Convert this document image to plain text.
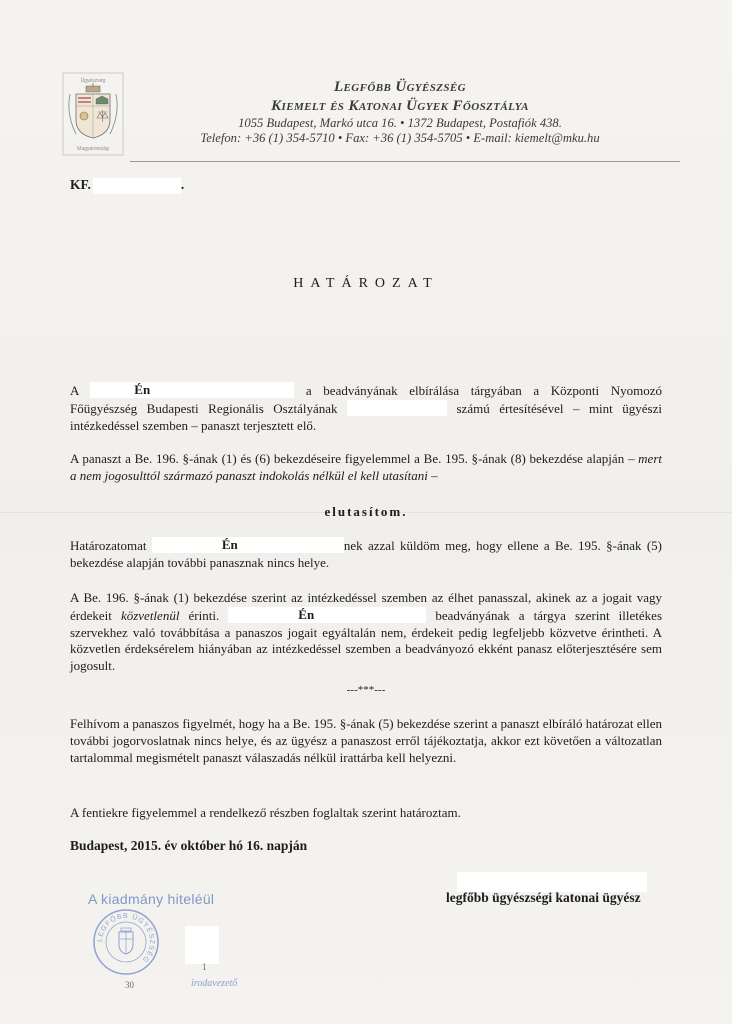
Ügyészség
Magyarország
Legfőbb Ügyészség
Kiemelt és Katonai Ügyek Főosztálya
1055 Budapest, Markó utca 16. • 1372 Budapest, Postafiók 438.
Telefon: +36 (1) 354-5710 • Fax: +36 (1) 354-5705 • E-mail: kiemelt@mku.hu
KF.	.
HATÁROZAT
A	Én	a beadványának elbírálása tárgyában a Központi Nyomozó Főügyészség Budapesti Regionális Osztályának	számú értesítésével – mint ügyészi intézkedéssel szemben – panaszt terjesztett elő.
A panaszt a Be. 196. §-ának (1) és (6) bekezdéseire figyelemmel a Be. 195. §-ának (8) bekezdése alapján – mert a nem jogosulttól származó panaszt indokolás nélkül el kell utasítani –
elutasítom.
Határozatomat	Én	nek azzal küldöm meg, hogy ellene a Be. 195. §-ának (5) bekezdése alapján további panasznak nincs helye.
A Be. 196. §-ának (1) bekezdése szerint az intézkedéssel szemben az élhet panasszal, akinek az a jogait vagy érdekeit közvetlenül érinti.	Én	beadványának a tárgya szerint illetékes szervekhez való továbbítása a panaszos jogait egyáltalán nem, érdekeit pedig legfeljebb közvetve érintheti. A közvetlen érdeksérelem hiányában az intézkedéssel szemben a beadványozó ekként panasz előterjesztésére sem jogosult.
---***---
Felhívom a panaszos figyelmét, hogy ha a Be. 195. §-ának (5) bekezdése szerint a panaszt elbíráló határozat ellen további jogorvoslatnak nincs helye, és az ügyész a panaszost erről tájékoztatja, akkor ezt követően a változatlan tartalommal megismételt panaszt válaszadás nélkül irattárba kell helyezni.
A fentiekre figyelemmel a rendelkező részben foglaltak szerint határoztam.
Budapest, 2015. év október hó 16. napján
legfőbb ügyészségi katonai ügyész
A kiadmány hiteléül
LEGFŐBB ÜGYÉSZSÉG
30
1
irodavezető
